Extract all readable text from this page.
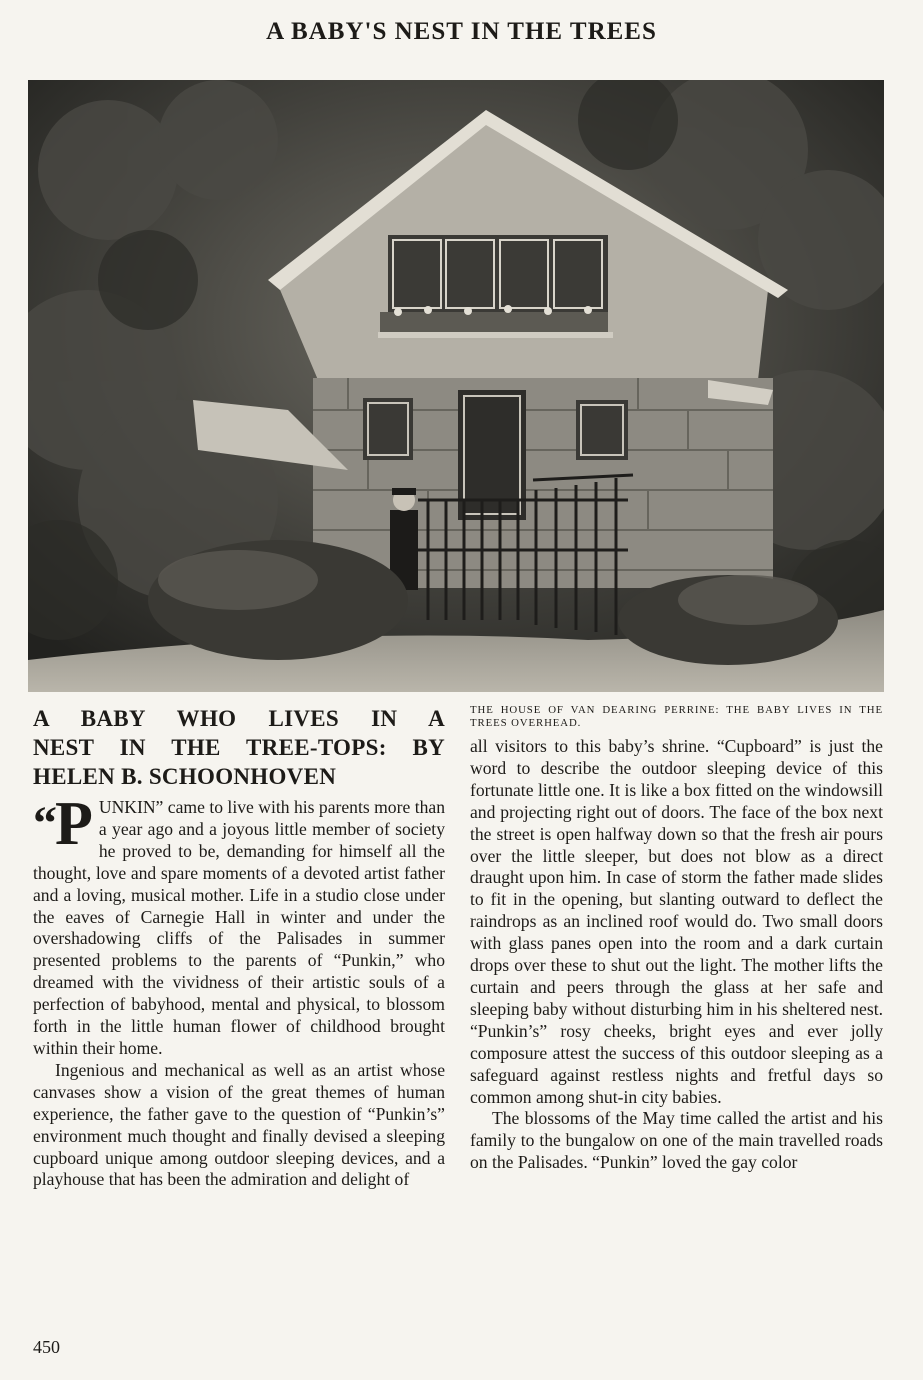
A BABY'S NEST IN THE TREES
A BABY WHO LIVES IN A
NEST IN THE TREE-TOPS: BY
HELEN B. SCHOONHOVEN

“P UNKIN” came to live with his parents more than a year ago and a joyous little member of society he proved to be, demanding for himself all the thought, love and spare moments of a devoted artist father and a loving, musical mother. Life in a studio close under the eaves of Carnegie Hall in winter and under the overshadowing cliffs of the Palisades in summer presented problems to the parents of “Punkin,” who dreamed with the vividness of their artistic souls of a perfection of babyhood, mental and physical, to blossom forth in the little human flower of childhood brought within their home.

Ingenious and mechanical as well as an artist whose canvases show a vision of the great themes of human experience, the father gave to the question of “Punkin’s” environment much thought and finally devised a sleeping cupboard unique among outdoor sleeping devices, and a playhouse that has been the admiration and delight of

THE HOUSE OF VAN DEARING PERRINE: THE BABY LIVES IN THE TREES OVERHEAD.

all visitors to this baby’s shrine. “Cupboard” is just the word to describe the outdoor sleeping device of this fortunate little one. It is like a box fitted on the windowsill and projecting right out of doors. The face of the box next the street is open halfway down so that the fresh air pours over the little sleeper, but does not blow as a direct draught upon him. In case of storm the father made slides to fit in the opening, but slanting outward to deflect the raindrops as an inclined roof would do. Two small doors with glass panes open into the room and a dark curtain drops over these to shut out the light. The mother lifts the curtain and peers through the glass at her safe and sleeping baby without disturbing him in his sheltered nest. “Punkin’s” rosy cheeks, bright eyes and ever jolly composure attest the success of this outdoor sleeping as a safeguard against restless nights and fretful days so common among shut-in city babies.

The blossoms of the May time called the artist and his family to the bungalow on one of the main travelled roads on the Palisades. “Punkin” loved the gay color

450
